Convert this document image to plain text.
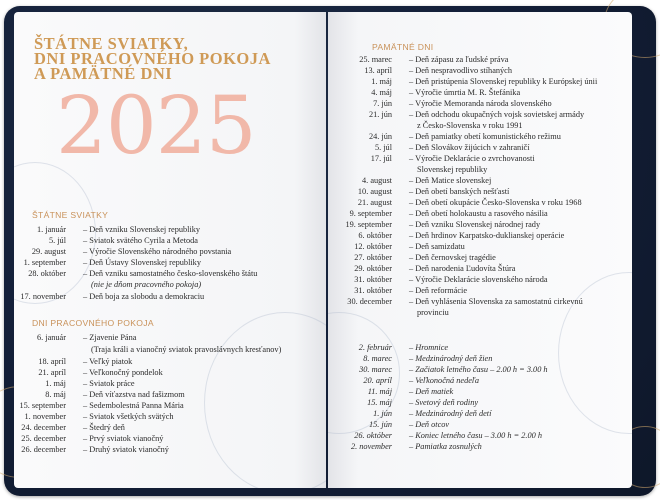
ŠTÁTNE SVIATKY,
DNI PRACOVNÉHO POKOJA
A PAMÄTNÉ DNI
2025
ŠTÁTNE SVIATKY
1. január	– Deň vzniku Slovenskej republiky
5. júl	– Sviatok svätého Cyrila a Metoda
29. august	– Výročie Slovenského národného povstania
1. september	– Deň Ústavy Slovenskej republiky
28. október	– Deň vzniku samostatného česko-slovenského štátu
(nie je dňom pracovného pokoja)
17. november	– Deň boja za slobodu a demokraciu
DNI PRACOVNÉHO POKOJA
6. január	– Zjavenie Pána
(Traja králi a vianočný sviatok pravoslávnych kresťanov)
18. apríl	– Veľký piatok
21. apríl	– Veľkonočný pondelok
1. máj	– Sviatok práce
8. máj	– Deň víťazstva nad fašizmom
15. september	– Sedembolestná Panna Mária
1. november	– Sviatok všetkých svätých
24. december	– Štedrý deň
25. december	– Prvý sviatok vianočný
26. december	– Druhý sviatok vianočný
PAMÄTNÉ DNI
25. marec	– Deň zápasu za ľudské práva
13. apríl	– Deň nespravodlivo stíhaných
1. máj	– Deň pristúpenia Slovenskej republiky k Európskej únii
4. máj	– Výročie úmrtia M. R. Štefánika
7. jún	– Výročie Memoranda národa slovenského
21. jún	– Deň odchodu okupačných vojsk sovietskej armády
z Česko-Slovenska v roku 1991
24. jún	– Deň pamiatky obetí komunistického režimu
5. júl	– Deň Slovákov žijúcich v zahraničí
17. júl	– Výročie Deklarácie o zvrchovanosti
Slovenskej republiky
4. august	– Deň Matice slovenskej
10. august	– Deň obetí banských nešťastí
21. august	– Deň obetí okupácie Česko-Slovenska v roku 1968
9. september	– Deň obetí holokaustu a rasového násilia
19. september	– Deň vzniku Slovenskej národnej rady
6. október	– Deň hrdinov Karpatsko-duklianskej operácie
12. október	– Deň samizdatu
27. október	– Deň černovskej tragédie
29. október	– Deň narodenia Ľudovíta Štúra
31. október	– Výročie Deklarácie slovenského národa
31. október	– Deň reformácie
30. december	– Deň vyhlásenia Slovenska za samostatnú cirkevnú
provinciu
2. február	– Hromnice
8. marec	– Medzinárodný deň žien
30. marec	– Začiatok letného času – 2.00 h = 3.00 h
20. apríl	– Veľkonočná nedeľa
11. máj	– Deň matiek
15. máj	– Svetový deň rodiny
1. jún	– Medzinárodný deň detí
15. jún	– Deň otcov
26. október	– Koniec letného času – 3.00 h = 2.00 h
2. november	– Pamiatka zosnulých
